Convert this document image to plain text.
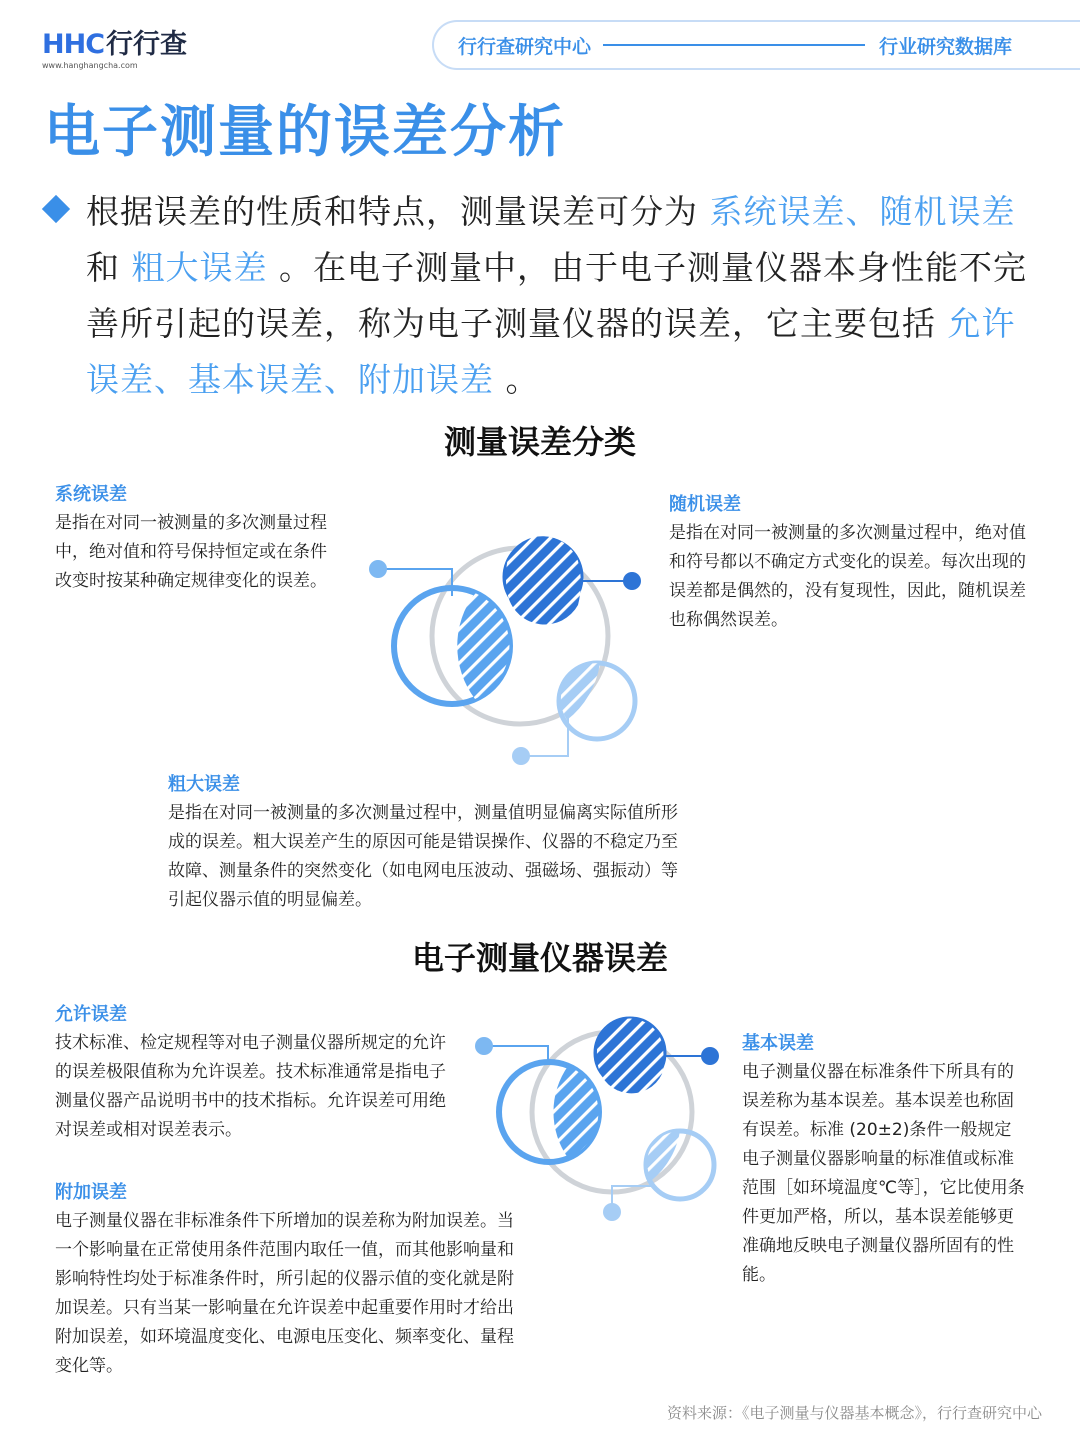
HHC行行查
www.hanghangcha.com
行行查研究中心	行业研究数据库
电子测量的误差分析
根据误差的性质和特点，测量误差可分为 系统误差、随机误差 和 粗大误差 。在电子测量中，由于电子测量仪器本身性能不完善所引起的误差，称为电子测量仪器的误差，它主要包括 允许误差、基本误差、附加误差 。
测量误差分类
系统误差
是指在对同一被测量的多次测量过程中，绝对值和符号保持恒定或在条件改变时按某种确定规律变化的误差。
随机误差
是指在对同一被测量的多次测量过程中，绝对值和符号都以不确定方式变化的误差。每次出现的误差都是偶然的，没有复现性，因此，随机误差也称偶然误差。
粗大误差
是指在对同一被测量的多次测量过程中，测量值明显偏离实际值所形成的误差。粗大误差产生的原因可能是错误操作、仪器的不稳定乃至故障、测量条件的突然变化（如电网电压波动、强磁场、强振动）等引起仪器示值的明显偏差。
电子测量仪器误差
允许误差
技术标准、检定规程等对电子测量仪器所规定的允许的误差极限值称为允许误差。技术标准通常是指电子测量仪器产品说明书中的技术指标。允许误差可用绝对误差或相对误差表示。
基本误差
电子测量仪器在标准条件下所具有的误差称为基本误差。基本误差也称固有误差。标准 (20±2)条件一般规定电子测量仪器影响量的标准值或标准范围［如环境温度℃等］，它比使用条件更加严格，所以，基本误差能够更准确地反映电子测量仪器所固有的性能。
附加误差
电子测量仪器在非标准条件下所增加的误差称为附加误差。当一个影响量在正常使用条件范围内取任一值，而其他影响量和影响特性均处于标准条件时，所引起的仪器示值的变化就是附加误差。只有当某一影响量在允许误差中起重要作用时才给出附加误差，如环境温度变化、电源电压变化、频率变化、量程变化等。
资料来源：《电子测量与仪器基本概念》，行行查研究中心
